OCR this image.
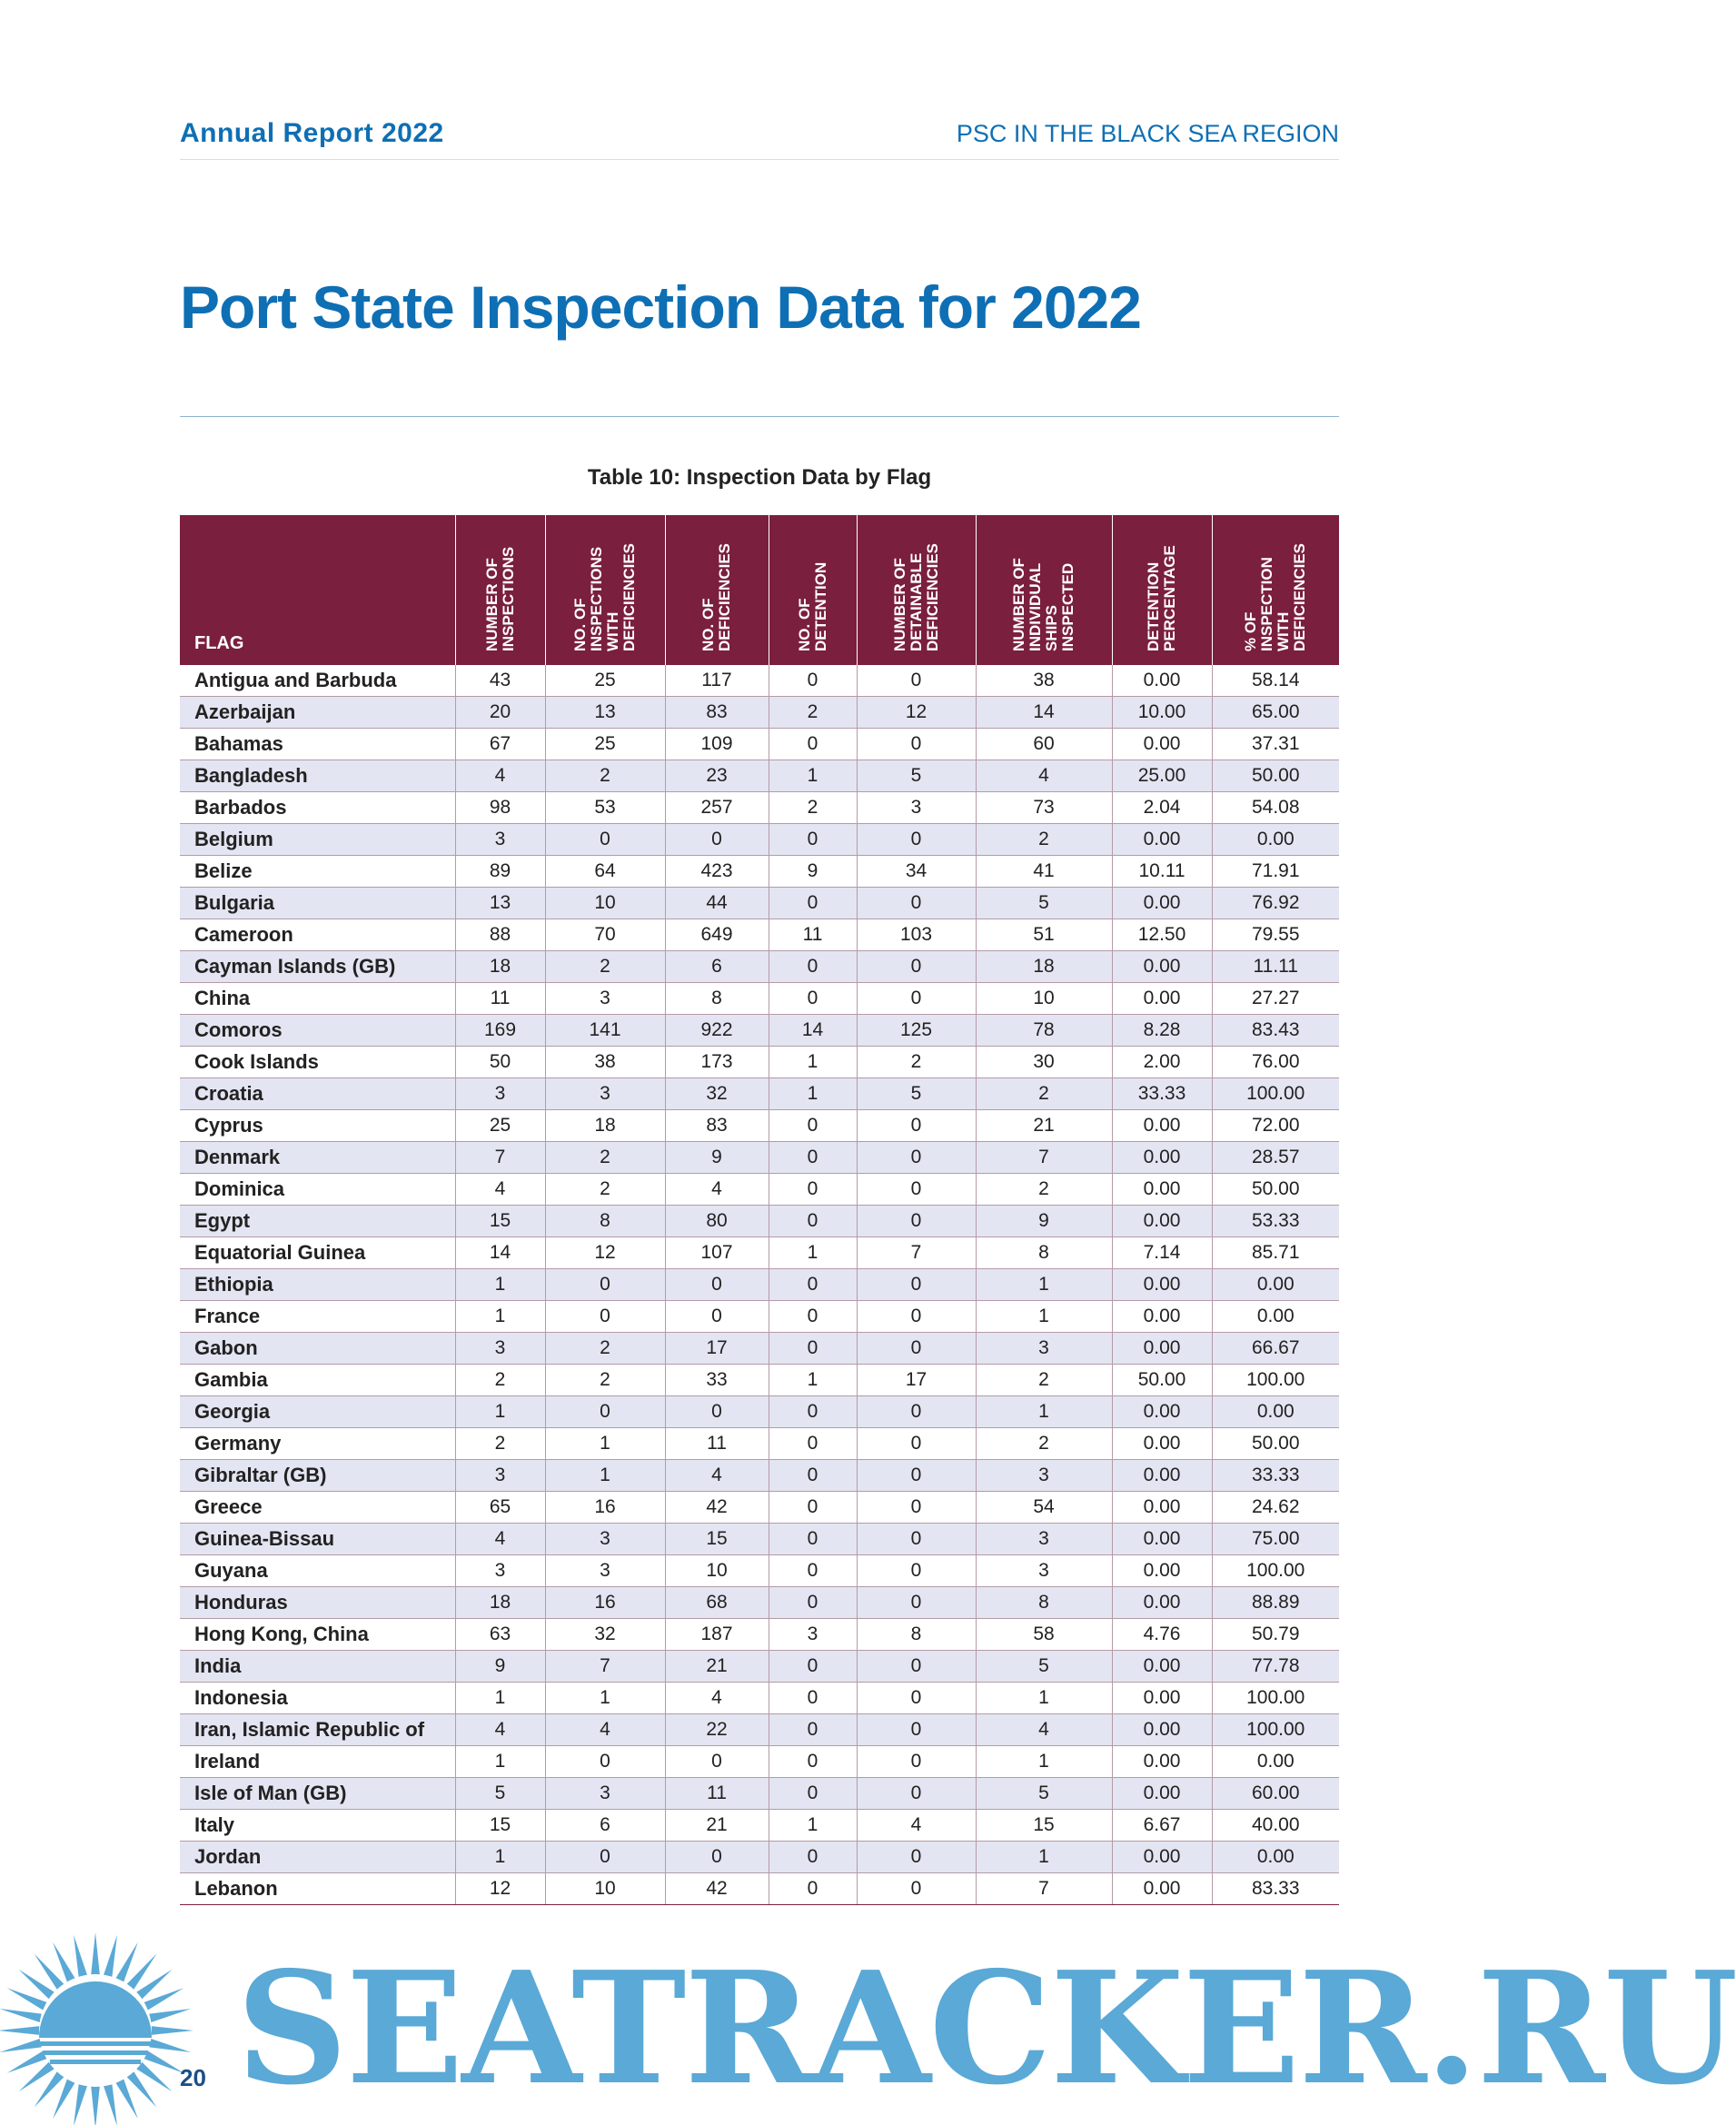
Annual Report 2022	PSC IN THE BLACK SEA REGION
Port State Inspection Data for 2022
Table 10: Inspection Data by Flag
FLAG	NUMBER OF INSPECTIONS	NO. OF INSPECTIONS WITH DEFICIENCIES	NO. OF DEFICIENCIES	NO. OF DETENTION	NUMBER OF DETAINABLE DEFICIENCIES	NUMBER OF INDIVIDUAL SHIPS INSPECTED	DETENTION PERCENTAGE	% OF INSPECTION WITH DEFICIENCIES
Antigua and Barbuda	43	25	117	0	0	38	0.00	58.14
Azerbaijan	20	13	83	2	12	14	10.00	65.00
Bahamas	67	25	109	0	0	60	0.00	37.31
Bangladesh	4	2	23	1	5	4	25.00	50.00
Barbados	98	53	257	2	3	73	2.04	54.08
Belgium	3	0	0	0	0	2	0.00	0.00
Belize	89	64	423	9	34	41	10.11	71.91
Bulgaria	13	10	44	0	0	5	0.00	76.92
Cameroon	88	70	649	11	103	51	12.50	79.55
Cayman Islands (GB)	18	2	6	0	0	18	0.00	11.11
China	11	3	8	0	0	10	0.00	27.27
Comoros	169	141	922	14	125	78	8.28	83.43
Cook Islands	50	38	173	1	2	30	2.00	76.00
Croatia	3	3	32	1	5	2	33.33	100.00
Cyprus	25	18	83	0	0	21	0.00	72.00
Denmark	7	2	9	0	0	7	0.00	28.57
Dominica	4	2	4	0	0	2	0.00	50.00
Egypt	15	8	80	0	0	9	0.00	53.33
Equatorial Guinea	14	12	107	1	7	8	7.14	85.71
Ethiopia	1	0	0	0	0	1	0.00	0.00
France	1	0	0	0	0	1	0.00	0.00
Gabon	3	2	17	0	0	3	0.00	66.67
Gambia	2	2	33	1	17	2	50.00	100.00
Georgia	1	0	0	0	0	1	0.00	0.00
Germany	2	1	11	0	0	2	0.00	50.00
Gibraltar (GB)	3	1	4	0	0	3	0.00	33.33
Greece	65	16	42	0	0	54	0.00	24.62
Guinea-Bissau	4	3	15	0	0	3	0.00	75.00
Guyana	3	3	10	0	0	3	0.00	100.00
Honduras	18	16	68	0	0	8	0.00	88.89
Hong Kong, China	63	32	187	3	8	58	4.76	50.79
India	9	7	21	0	0	5	0.00	77.78
Indonesia	1	1	4	0	0	1	0.00	100.00
Iran, Islamic Republic of	4	4	22	0	0	4	0.00	100.00
Ireland	1	0	0	0	0	1	0.00	0.00
Isle of Man (GB)	5	3	11	0	0	5	0.00	60.00
Italy	15	6	21	1	4	15	6.67	40.00
Jordan	1	0	0	0	0	1	0.00	0.00
Lebanon	12	10	42	0	0	7	0.00	83.33
SEATRACKER.RU
20
